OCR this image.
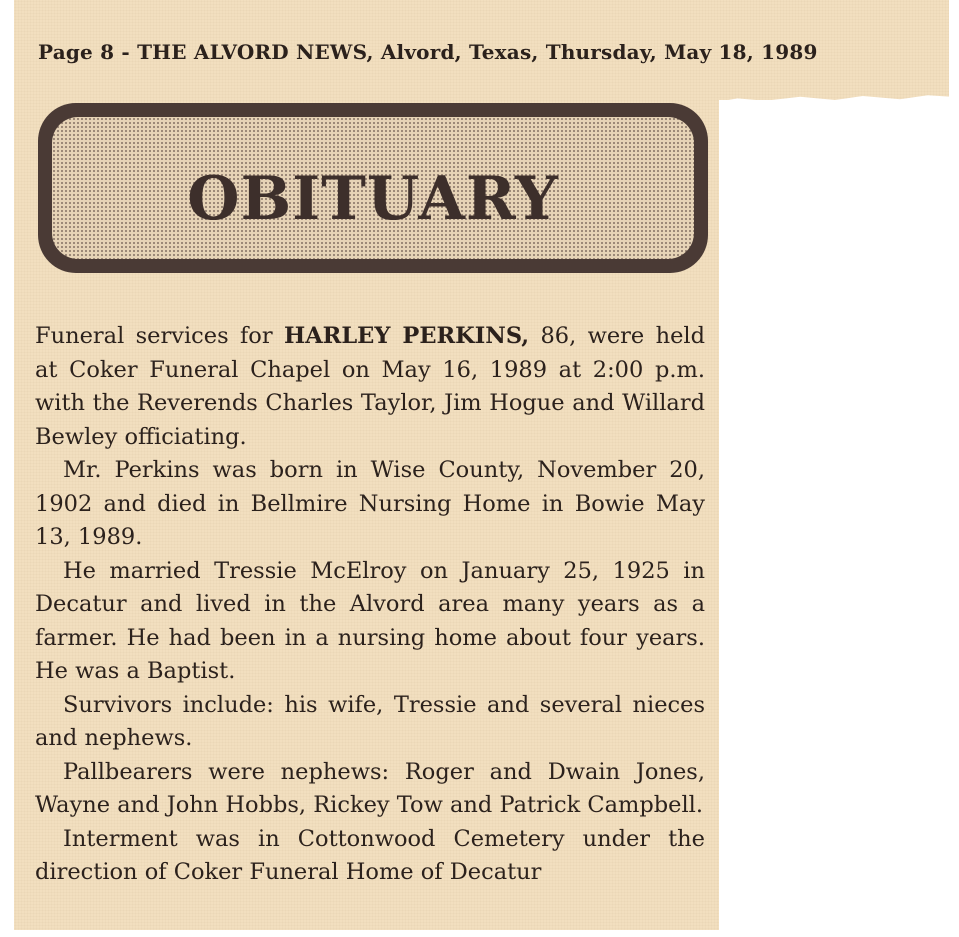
Page 8 - THE ALVORD NEWS, Alvord, Texas, Thursday, May 18, 1989
OBITUARY

Funeral services for HARLEY PERKINS, 86, were held at Coker Funeral Chapel on May 16, 1989 at 2:00 p.m. with the Reverends Charles Taylor, Jim Hogue and Willard Bewley officiating.

Mr. Perkins was born in Wise County, November 20, 1902 and died in Bellmire Nursing Home in Bowie May 13, 1989.

He married Tressie McElroy on January 25, 1925 in Decatur and lived in the Alvord area many years as a farmer. He had been in a nursing home about four years. He was a Baptist.

Survivors include: his wife, Tressie and several nieces and nephews.

Pallbearers were nephews: Roger and Dwain Jones, Wayne and John Hobbs, Rickey Tow and Patrick Campbell.

Interment was in Cottonwood Cemetery under the direction of Coker Funeral Home of Decatur
